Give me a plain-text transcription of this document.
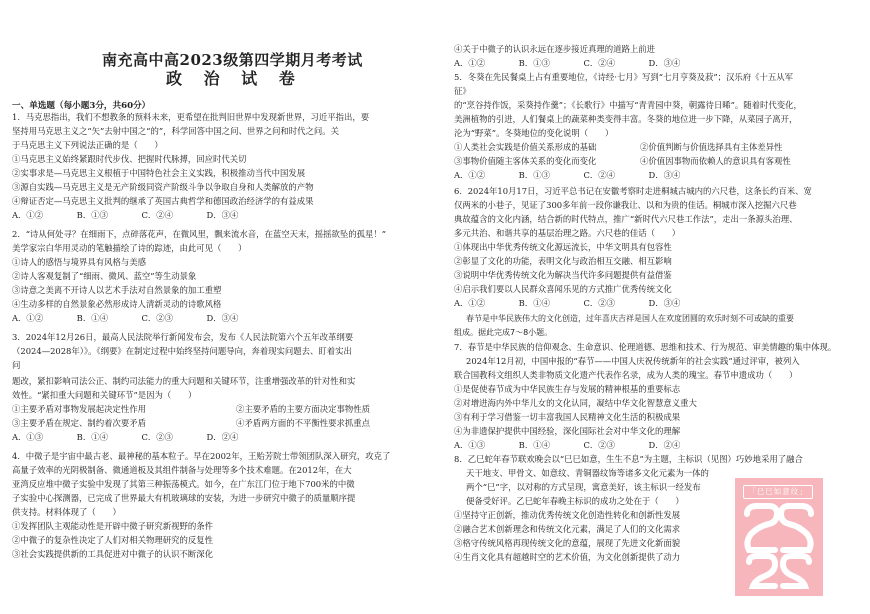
南充高中高2023级第四学期月考考试
政 治 试 卷
一、单选题（每小题3分，共60分）
1．马克思指出，我们不想教条的预料未来，更希望在批判旧世界中发现新世界，习近平指出，要
坚持用马克思主义之“矢”去射中国之“的”，科学回答中国之问、世界之问和时代之问。关
于马克思主义下列说法正确的是（　　）
①马克思主义始终紧跟时代步伐、把握时代脉搏，回应时代关切
②实事求是—马克思主义根植于中国特色社会主义实践，积极推动当代中国发展
③源自实践—马克思主义是无产阶级同资产阶级斗争以争取自身和人类解放的产物
④辩证否定—马克思主义批判的继承了英国古典哲学和德国政治经济学的有益成果
A．①②　　　　B．①③　　　　C．②④　　　　D．③④
2．“诗从何处寻？在细雨下，点碎落花声，在微风里，飘来流水音，在蓝空天末，摇摇欲坠的孤星！”
美学家宗白华用灵动的笔触描绘了诗的踪迹，由此可见（　　）
①诗人的感悟与境界具有风格与美感
②诗人客观复制了“细雨、微风、蓝空”等生动景象
③诗意之美离不开诗人以艺术手法对自然景象的加工重塑
④生动多样的自然景象必然形成诗人清新灵动的诗歌风格
A．①②　　　　B．①④　　　　C．②③　　　　D．③④
3．2024年12月26日，最高人民法院举行新闻发布会，发布《人民法院第六个五年改革纲要
（2024—2028年）》。《纲要》在制定过程中始终坚持问题导向，奔着现实问题去、盯着实出
问
题改，紧扣影响司法公正、制约司法能力的重大问题和关键环节，注重增强改革的针对性和实
效性。“紧扣重大问题和关键环节”是因为（　　）
①主要矛盾对事物发展起决定性作用	②主要矛盾的主要方面决定事物性质
③主要矛盾在规定、制约着次要矛盾	④矛盾两方面的不平衡性要求抓重点
A．①③　　　　B．①④　　　　C．②③　　　　D．②④
4．中微子是宇宙中最古老、最神秘的基本粒子。早在2002年，王贻芳院士带领团队深入研究，攻克了
高量子效率的光阴极制备、微通道板及其组件制备与处理等多个技术难题。在2012年，在大
亚湾反应堆中微子实验中发现了其第三种振荡模式。如今，在广东江门位于地下700米的中微
子实验中心探测器，已完成了世界最大有机玻璃球的安装，为进一步研究中微子的质量顺序提
供支持。材料体现了（　　）
①发挥团队主观能动性是开辟中微子研究新视野的条件
②中微子的复杂性决定了人们对相关物理研究的反复性
③社会实践提供新的工具促进对中微子的认识不断深化
④关于中微子的认识永远在逐步接近真理的道路上前进
A．①②　　　　B．①③　　　　C．②④　　　　D．③④
5．冬葵在先民餐桌上占有重要地位，《诗经·七月》写到“七月亨葵及菽”；汉乐府《十五从军
征》
的“烹谷持作饭，采葵持作羹”；《长歌行》中描写“青青园中葵，朝露待日晞”。随着时代变化，
美洲植物的引进，人们餐桌上的蔬菜种类变得丰富。冬葵的地位进一步下降，从菜园子离开，
沦为“野菜”。冬葵地位的变化说明（　　）
①人类社会实践是价值关系形成的基础	②价值判断与价值选择具有主体差异性
③事物价值随主客体关系的变化而变化	④价值因事物而依赖人的意识具有客观性
A．①②　　　　B．①③　　　　C．②④　　　　D．③④
6．2024年10月17日，习近平总书记在安徽考察时走进桐城古城内的六尺巷，这条长约百米、宽
仅两米的小巷子，见证了300多年前一段你谦我让、以和为贵的佳话。桐城市深入挖掘六尺巷
典故蕴含的文化内涵，结合新的时代特点，推广“新时代六尺巷工作法”，走出一条源头治理、
多元共治、和谐共享的基层治理之路。六尺巷的佳话（　　）
①体现出中华优秀传统文化源远流长，中华文明具有包容性
②彰显了文化的功能，表明文化与政治相互交融、相互影响
③说明中华优秀传统文化为解决当代许多问题提供有益借鉴
④启示我们要以人民群众喜闻乐见的方式推广优秀传统文化
A．①②　　　　B．①④　　　　C．②③　　　　D．③④
春节是中华民族伟大的文化创造，过年喜庆吉祥是国人在欢度团圆的欢乐时刻不可或缺的重要
组成。据此完成7～8小题。
7．春节是中华民族的信仰观念、生命意识、伦理道德、思维和技术、行为规范、审美情趣的集中体现。
2024年12月初，中国申报的“春节——中国人庆祝传统新年的社会实践”通过评审，被列入
联合国教科文组织人类非物质文化遗产代表作名录，成为人类的瑰宝。春节申遗成功（　　）
①是促使春节成为中华民族生存与发展的精神根基的重要标志
②对增进海内外中华儿女的文化认同，凝结中华文化智慧意义重大
③有利于学习借鉴一切丰富我国人民精神文化生活的积极成果
④为非遗保护提供中国经验，深化国际社会对中华文化的理解
A．①③　　　　B．①④　　　　C．②③　　　　D．②④
8．乙巳蛇年春节联欢晚会以“巳巳如意，生生不息”为主题，主标识（见图）巧妙地采用了融合
天干地支、甲骨文、如意纹、青铜器纹饰等诸多文化元素为一体的
两个“巳”字，以对称的方式呈现，寓意美好，该主标识一经发布
便备受好评。乙巳蛇年春晚主标识的成功之处在于（　　）
①坚持守正创新，推动优秀传统文化创造性转化和创新性发展
②融合艺术创新理念和传统文化元素，满足了人们的文化需求
③格守传统风格再现传统文化的意蕴，展现了先进文化新面貌
④生肖文化具有超越时空的艺术价值，为文化创新提供了动力
「巳巳如意纹」
